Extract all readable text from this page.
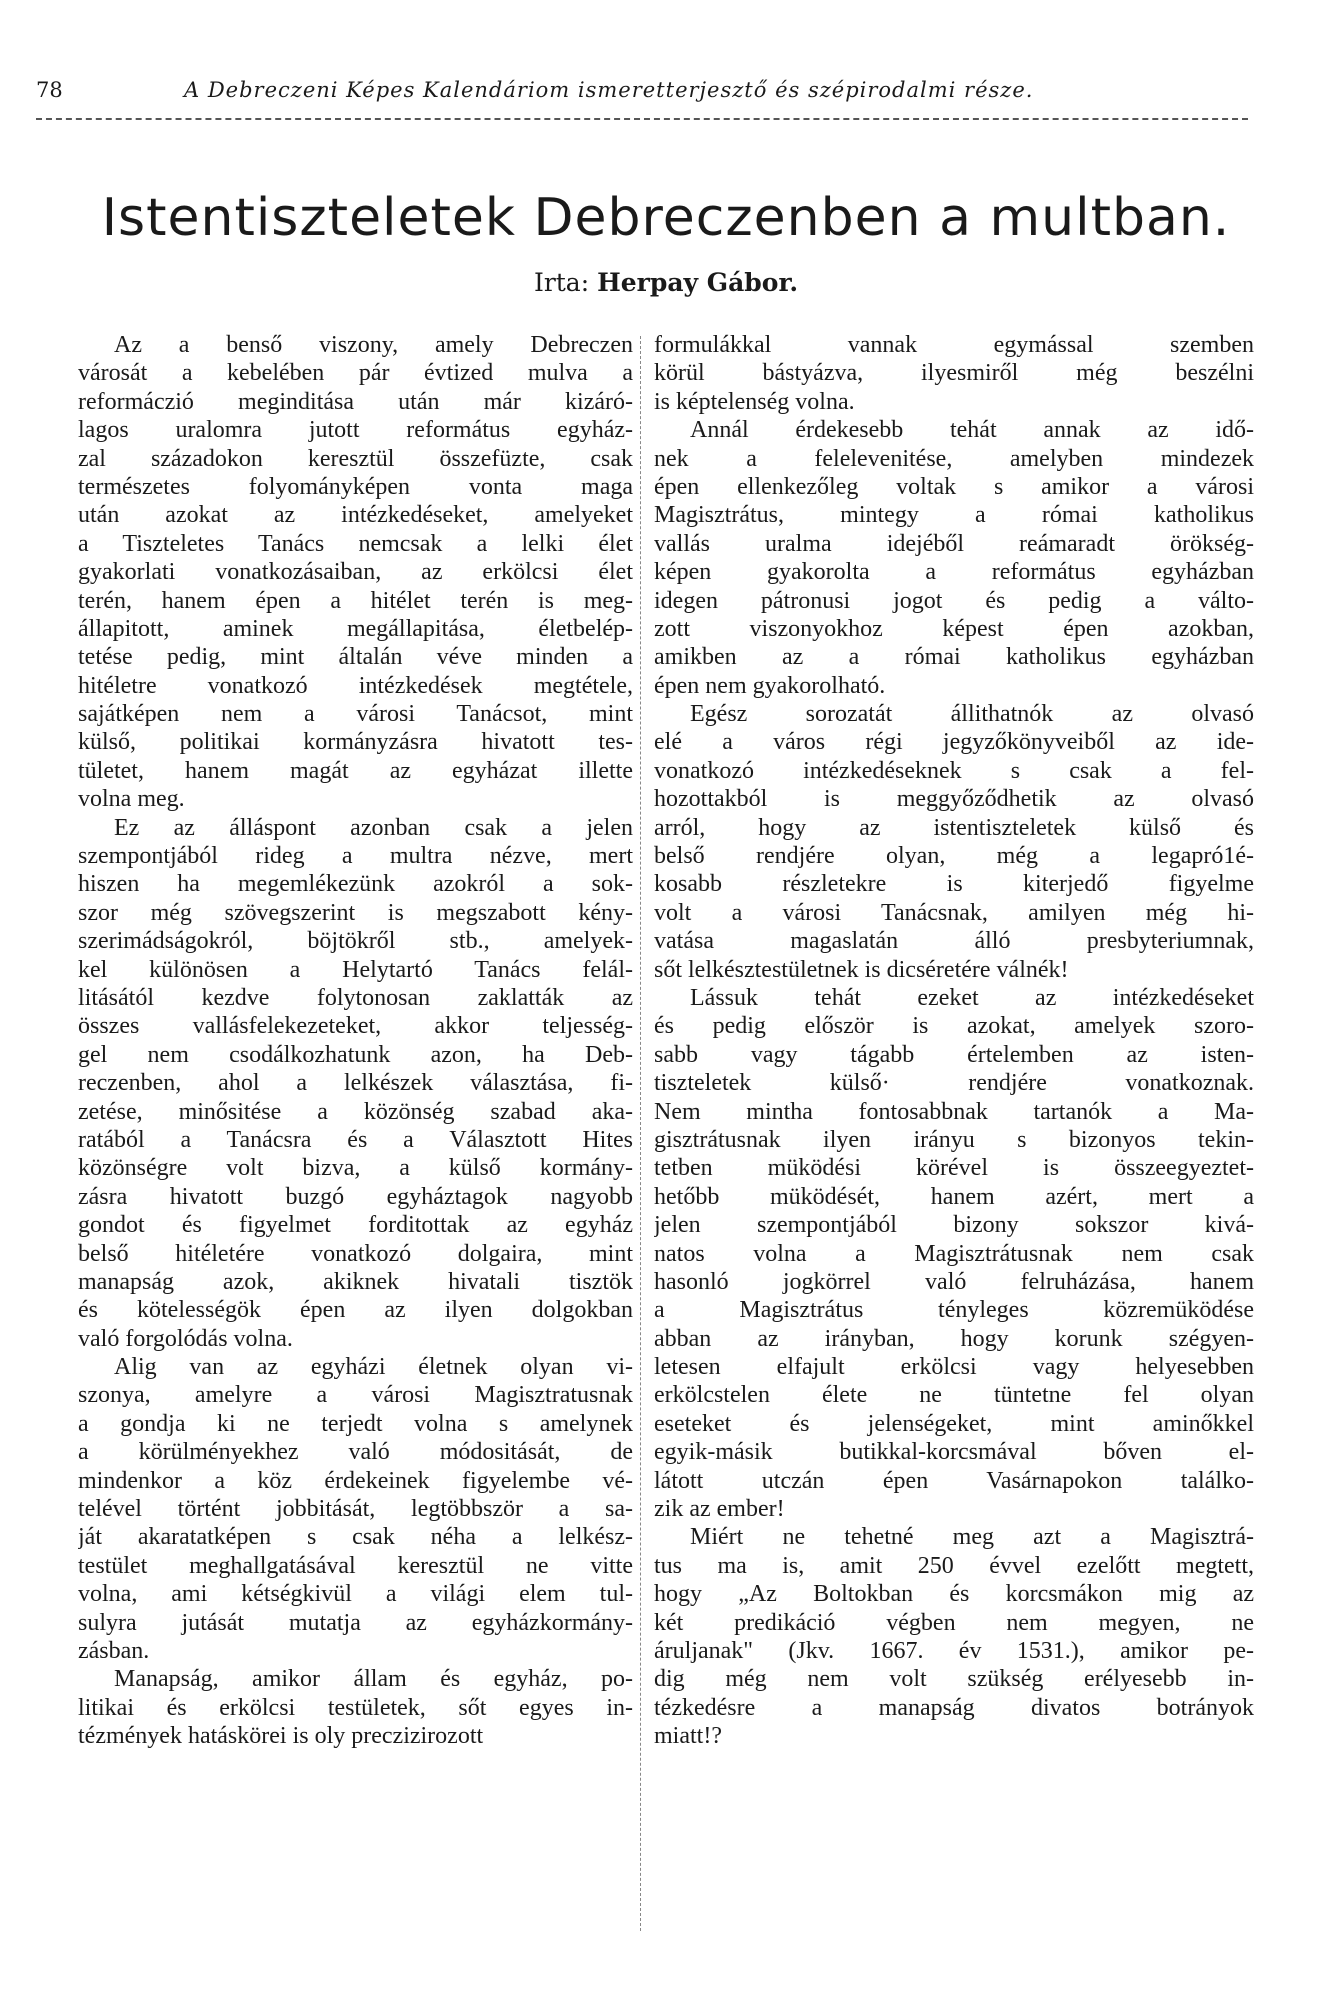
78	A Debreczeni Képes Kalendáriom ismeretterjesztő és szépirodalmi része.
Istentiszteletek Debreczenben a multban.
Irta: Herpay Gábor.
Az a benső viszony, amely Debreczen
városát a kebelében pár évtized mulva a
reformáczió meginditása után már kizáró-
lagos uralomra jutott református egyház-
zal századokon keresztül összefüzte, csak
természetes folyományképen vonta maga
után azokat az intézkedéseket, amelyeket
a Tiszteletes Tanács nemcsak a lelki élet
gyakorlati vonatkozásaiban, az erkölcsi élet
terén, hanem épen a hitélet terén is meg-
állapitott, aminek megállapitása, életbelép-
tetése pedig, mint általán véve minden a
hitéletre vonatkozó intézkedések megtétele,
sajátképen nem a városi Tanácsot, mint
külső, politikai kormányzásra hivatott tes-
tületet, hanem magát az egyházat illette
volna meg.
Ez az álláspont azonban csak a jelen
szempontjából rideg a multra nézve, mert
hiszen ha megemlékezünk azokról a sok-
szor még szövegszerint is megszabott kény-
szerimádságokról, böjtökről stb., amelyek-
kel különösen a Helytartó Tanács felál-
litásától kezdve folytonosan zaklatták az
összes vallásfelekezeteket, akkor teljesség-
gel nem csodálkozhatunk azon, ha Deb-
reczenben, ahol a lelkészek választása, fi-
zetése, minősitése a közönség szabad aka-
ratából a Tanácsra és a Választott Hites
közönségre volt bizva, a külső kormány-
zásra hivatott buzgó egyháztagok nagyobb
gondot és figyelmet forditottak az egyház
belső hitéletére vonatkozó dolgaira, mint
manapság azok, akiknek hivatali tisztök
és kötelességök épen az ilyen dolgokban
való forgolódás volna.
Alig van az egyházi életnek olyan vi-
szonya, amelyre a városi Magisztratusnak
a gondja ki ne terjedt volna s amelynek
a körülményekhez való módositását, de
mindenkor a köz érdekeinek figyelembe vé-
telével történt jobbitását, legtöbbször a sa-
ját akaratatképen s csak néha a lelkész-
testület meghallgatásával keresztül ne vitte
volna, ami kétségkivül a világi elem tul-
sulyra jutását mutatja az egyházkormány-
zásban.
Manapság, amikor állam és egyház, po-
litikai és erkölcsi testületek, sőt egyes in-
tézmények hatáskörei is oly preczizirozott
formulákkal vannak egymással szemben
körül bástyázva, ilyesmiről még beszélni
is képtelenség volna.
Annál érdekesebb tehát annak az idő-
nek a felelevenitése, amelyben mindezek
épen ellenkezőleg voltak s amikor a városi
Magisztrátus, mintegy a római katholikus
vallás uralma idejéből reámaradt örökség-
képen gyakorolta a református egyházban
idegen pátronusi jogot és pedig a válto-
zott viszonyokhoz képest épen azokban,
amikben az a római katholikus egyházban
épen nem gyakorolható.
Egész sorozatát állithatnók az olvasó
elé a város régi jegyzőkönyveiből az ide-
vonatkozó intézkedéseknek s csak a fel-
hozottakból is meggyőződhetik az olvasó
arról, hogy az istentiszteletek külső és
belső rendjére olyan, még a legapró1é-
kosabb részletekre is kiterjedő figyelme
volt a városi Tanácsnak, amilyen még hi-
vatása magaslatán álló presbyteriumnak,
sőt lelkésztestületnek is dicséretére válnék!
Lássuk tehát ezeket az intézkedéseket
és pedig először is azokat, amelyek szoro-
sabb vagy tágabb értelemben az isten-
tiszteletek külső· rendjére vonatkoznak.
Nem mintha fontosabbnak tartanók a Ma-
gisztrátusnak ilyen irányu s bizonyos tekin-
tetben müködési körével is összeegyeztet-
hetőbb müködését, hanem azért, mert a
jelen szempontjából bizony sokszor kivá-
natos volna a Magisztrátusnak nem csak
hasonló jogkörrel való felruházása, hanem
a Magisztrátus tényleges közremüködése
abban az irányban, hogy korunk szégyen-
letesen elfajult erkölcsi vagy helyesebben
erkölcstelen élete ne tüntetne fel olyan
eseteket és jelenségeket, mint aminőkkel
egyik-másik butikkal-korcsmával bőven el-
látott utczán épen Vasárnapokon találko-
zik az ember!
Miért ne tehetné meg azt a Magisztrá-
tus ma is, amit 250 évvel ezelőtt megtett,
hogy „Az Boltokban és korcsmákon mig az
két predikáció végben nem megyen, ne
áruljanak" (Jkv. 1667. év 1531.), amikor pe-
dig még nem volt szükség erélyesebb in-
tézkedésre a manapság divatos botrányok
miatt!?
